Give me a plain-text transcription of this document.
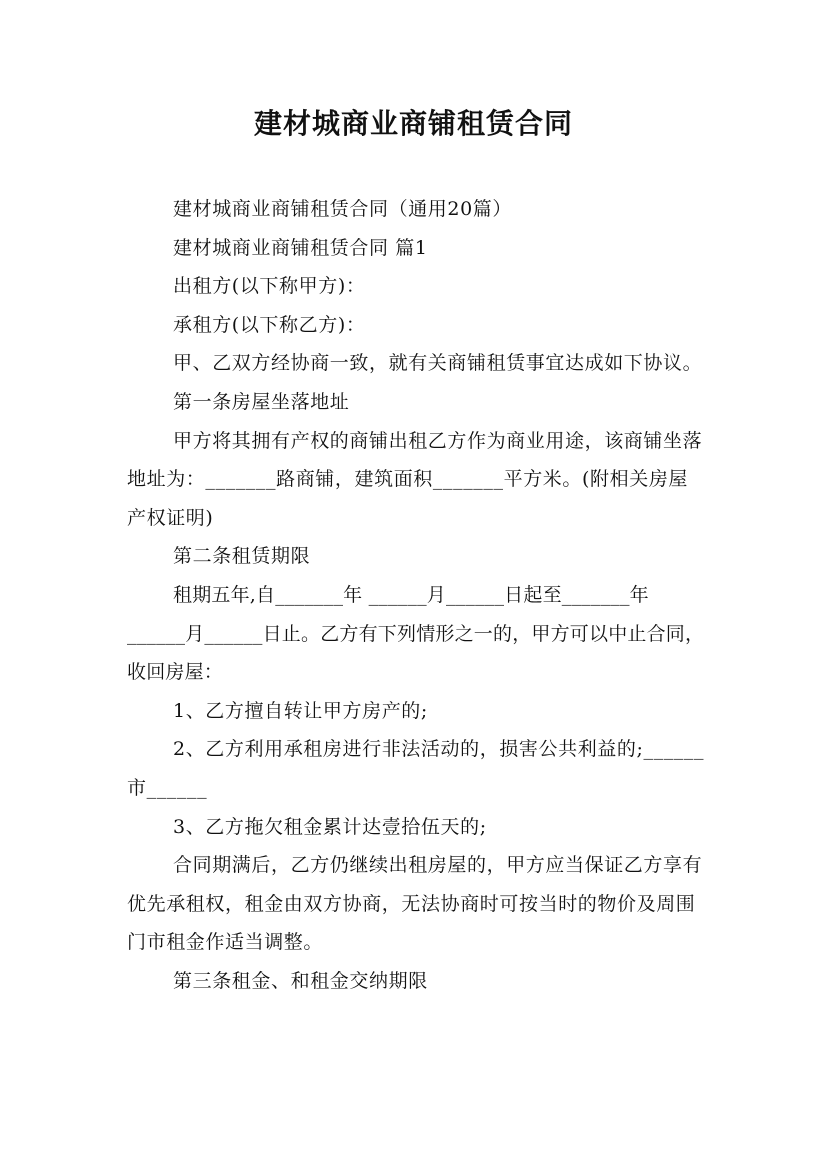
建材城商业商铺租赁合同

建材城商业商铺租赁合同（通用20篇）

建材城商业商铺租赁合同 篇1

出租方(以下称甲方)：

承租方(以下称乙方)：

甲、乙双方经协商一致，就有关商铺租赁事宜达成如下协议。

第一条房屋坐落地址

甲方将其拥有产权的商铺出租乙方作为商业用途，该商铺坐落地址为：_______路商铺，建筑面积_______平方米。(附相关房屋产权证明)

第二条租赁期限

租期五年,自_______年 ______月______日起至_______年 ______月______日止。乙方有下列情形之一的，甲方可以中止合同，收回房屋：

1、乙方擅自转让甲方房产的;

2、乙方利用承租房进行非法活动的，损害公共利益的;______市______

3、乙方拖欠租金累计达壹拾伍天的;

合同期满后，乙方仍继续出租房屋的，甲方应当保证乙方享有优先承租权，租金由双方协商，无法协商时可按当时的物价及周围门市租金作适当调整。

第三条租金、和租金交纳期限
